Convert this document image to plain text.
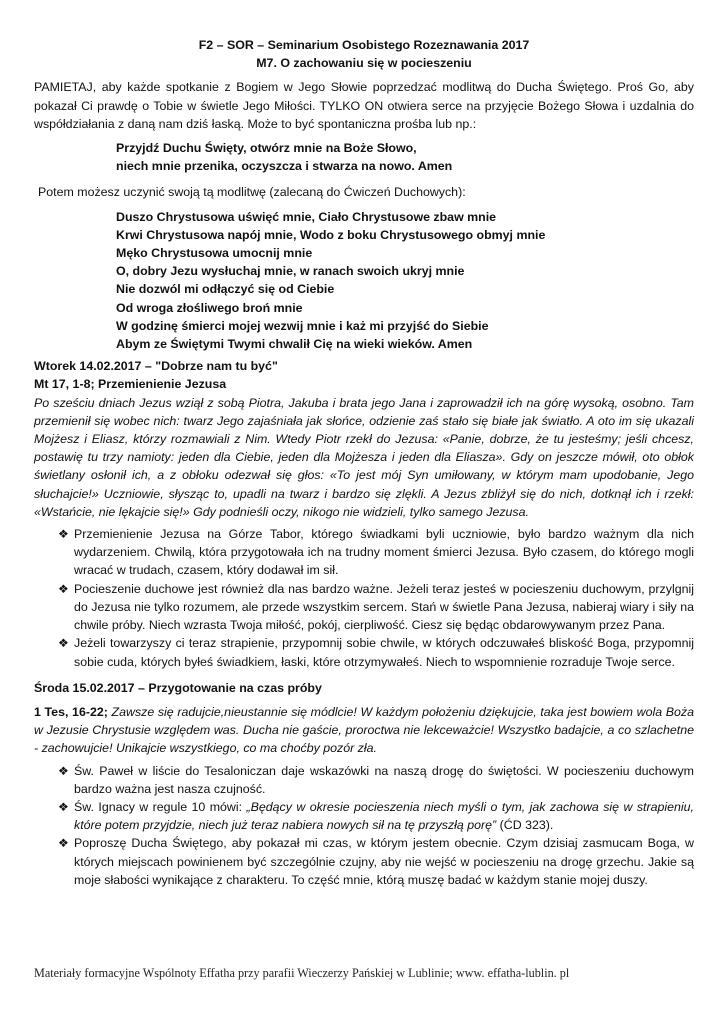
F2 – SOR – Seminarium Osobistego Rozeznawania 2017

M7. O zachowaniu się w pocieszeniu

PAMIETAJ, aby każde spotkanie z Bogiem w Jego Słowie poprzedzać modlitwą do Ducha Świętego. Proś Go, aby pokazał Ci prawdę o Tobie w świetle Jego Miłości. TYLKO ON otwiera serce na przyjęcie Bożego Słowa i uzdalnia do współdziałania z daną nam dziś łaską. Może to być spontaniczna prośba lub np.:

Przyjdź Duchu Święty, otwórz mnie na Boże Słowo,

niech mnie przenika, oczyszcza i stwarza na nowo. Amen

Potem możesz uczynić swoją tą modlitwę (zalecaną do Ćwiczeń Duchowych):

Duszo Chrystusowa uświęć mnie, Ciało Chrystusowe zbaw mnie

Krwi Chrystusowa napój mnie, Wodo z boku Chrystusowego obmyj mnie

Męko Chrystusowa umocnij mnie

O, dobry Jezu wysłuchaj mnie, w ranach swoich ukryj mnie

Nie dozwól mi odłączyć się od Ciebie

Od wroga złośliwego broń mnie

W godzinę śmierci mojej wezwij mnie i każ mi przyjść do Siebie

Abym ze Świętymi Twymi chwalił Cię na wieki wieków. Amen

Wtorek 14.02.2017 – "Dobrze nam tu być"

Mt 17, 1-8; Przemienienie Jezusa

Po sześciu dniach Jezus wziął z sobą Piotra, Jakuba i brata jego Jana i zaprowadził ich na górę wysoką, osobno. Tam przemienił się wobec nich: twarz Jego zajaśniała jak słońce, odzienie zaś stało się białe jak światło. A oto im się ukazali Mojżesz i Eliasz, którzy rozmawiali z Nim. Wtedy Piotr rzekł do Jezusa: «Panie, dobrze, że tu jesteśmy; jeśli chcesz, postawię tu trzy namioty: jeden dla Ciebie, jeden dla Mojżesza i jeden dla Eliasza». Gdy on jeszcze mówił, oto obłok świetlany osłonił ich, a z obłoku odezwał się głos: «To jest mój Syn umiłowany, w którym mam upodobanie, Jego słuchajcie!» Uczniowie, słysząc to, upadli na twarz i bardzo się zlękli. A Jezus zbliżył się do nich, dotknął ich i rzekł: «Wstańcie, nie lękajcie się!» Gdy podnieśli oczy, nikogo nie widzieli, tylko samego Jezusa.

❖ Przemienienie Jezusa na Górze Tabor, którego świadkami byli uczniowie, było bardzo ważnym dla nich wydarzeniem. Chwilą, która przygotowała ich na trudny moment śmierci Jezusa. Było czasem, do którego mogli wracać w trudach, czasem, który dodawał im sił.
❖ Pocieszenie duchowe jest również dla nas bardzo ważne. Jeżeli teraz jesteś w pocieszeniu duchowym, przylgnij do Jezusa nie tylko rozumem, ale przede wszystkim sercem. Stań w świetle Pana Jezusa, nabieraj wiary i siły na chwile próby. Niech wzrasta Twoja miłość, pokój, cierpliwość. Ciesz się będąc obdarowywanym przez Pana.
❖ Jeżeli towarzyszy ci teraz strapienie, przypomnij sobie chwile, w których odczuwałeś bliskość Boga, przypomnij sobie cuda, których byłeś świadkiem, łaski, które otrzymywałeś. Niech to wspomnienie rozraduje Twoje serce.

Środa 15.02.2017 – Przygotowanie na czas próby

1 Tes, 16-22; Zawsze się radujcie,nieustannie się módlcie! W każdym położeniu dziękujcie, taka jest bowiem wola Boża w Jezusie Chrystusie względem was. Ducha nie gaście, proroctwa nie lekceważcie! Wszystko badajcie, a co szlachetne - zachowujcie! Unikajcie wszystkiego, co ma choćby pozór zła.

❖ Św. Paweł w liście do Tesaloniczan daje wskazówki na naszą drogę do świętości. W pocieszeniu duchowym bardzo ważna jest nasza czujność.
❖ Św. Ignacy w regule 10 mówi: „Będący w okresie pocieszenia niech myśli o tym, jak zachowa się w strapieniu, które potem przyjdzie, niech już teraz nabiera nowych sił na tę przyszłą porę” (ĆD 323).
❖ Poproszę Ducha Świętego, aby pokazał mi czas, w którym jestem obecnie. Czym dzisiaj zasmucam Boga, w których miejscach powinienem być szczególnie czujny, aby nie wejść w pocieszeniu na drogę grzechu. Jakie są moje słabości wynikające z charakteru. To część mnie, którą muszę badać w każdym stanie mojej duszy.
Materiały formacyjne Wspólnoty Effatha przy parafii Wieczerzy Pańskiej w Lublinie; www. effatha-lublin. pl
